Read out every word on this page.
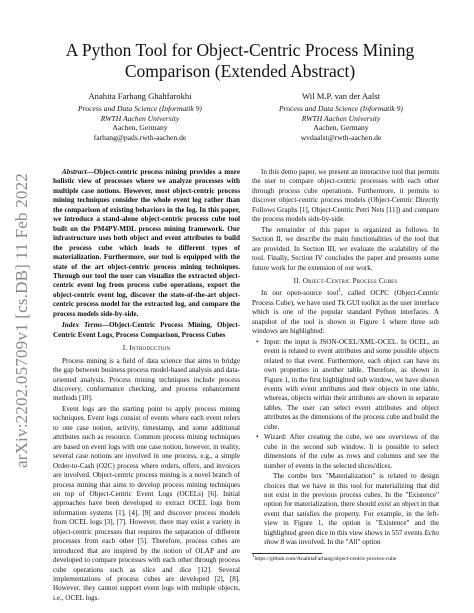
arXiv:2202.05709v1 [cs.DB] 11 Feb 2022
A Python Tool for Object-Centric Process Mining
Comparison (Extended Abstract)
Anahita Farhang Ghahfarokhi
Process and Data Science (Informatik 9)
RWTH Aachen University
Aachen, Germany
farhang@pads.rwth-aachen.de
Wil M.P. van der Aalst
Process and Data Science (Informatik 9)
RWTH Aachen University
Aachen, Germany
wvdaalst@rwth-aachen.de

Abstract—Object-centric process mining provides a more holistic view of processes where we analyze processes with multiple case notions. However, most object-centric process mining techniques consider the whole event log rather than the comparison of existing behaviors in the log. In this paper, we introduce a stand-alone object-centric process cube tool built on the PM4PY-MDL process mining framework. Our infrastructure uses both object and event attributes to build the process cube which leads to different types of materialization. Furthermore, our tool is equipped with the state of the art object-centric process mining techniques. Through our tool the user can visualize the extracted object-centric event log from process cube operations, export the object-centric event log, discover the state-of-the-art object-centric process model for the extracted log, and compare the process models side-by-side.

Index Terms—Object-Centric Process Mining, Object-Centric Event Logs, Process Comparison, Process Cubes

I. Introduction

Process mining is a field of data science that aims to bridge the gap between business process model-based analysis and data-oriented analysis. Process mining techniques include process discovery, conformance checking, and process enhancement methods [10].

Event logs are the starting point to apply process mining techniques. Event logs consist of events where each event refers to one case notion, activity, timestamp, and some additional attributes such as resource. Common process mining techniques are based on event logs with one case notion, however, in reality, several case notions are involved in one process, e.g., a simple Order-to-Cash (O2C) process where orders, offers, and invoices are involved. Object-centric process mining is a novel branch of process mining that aims to develop process mining techniques on top of Object-Centric Event Logs (OCELs) [6]. Initial approaches have been developed to extract OCEL logs from information systems [1], [4], [9] and discover process models from OCEL logs [3], [7]. However, there may exist a variety in object-centric processes that requires the separation of different processes from each other [5]. Therefore, process cubes are introduced that are inspired by the notion of OLAP and are developed to compare processes with each other through process cube operations such as slice and dice [12]. Several implementations of process cubes are developed [2], [8]. However, they cannot support event logs with multiple objects, i.e., OCEL logs.

In this demo paper, we present an interactive tool that permits the user to compare object-centric processes with each other through process cube operations. Furthermore, it permits to discover object-centric process models (Object-Centric Directly Follows Graphs [1], Object-Centric Petri Nets [11]) and compare the process models side-by-side.

The remainder of this paper is organized as follows. In Section II, we describe the main functionalities of the tool that are provided. In Section III, we evaluate the scalability of the tool. Finally, Section IV concludes the paper and presents some future work for the extension of our work.

II. Object-Centric Process Cubes

In our open-source tool$^1$, called OCPC (Object-Centric Process Cube), we have used Tk GUI toolkit as the user interface which is one of the popular standard Python interfaces. A snapshot of the tool is shown in Figure 1 where three sub windows are highlighted:

• Input: the input is JSON-OCEL/XML-OCEL. In OCEL, an event is related to event attributes and some possible objects related to that event. Furthermore, each object can have its own properties in another table. Therefore, as shown in Figure 1, in the first highlighted sub window, we have shown events with event attributes and their objects in one table, whereas, objects within their attributes are shown in separate tables. The user can select event attributes and object attributes as the dimensions of the process cube and build the cube.
• Wizard: After creating the cube, we see overviews of the cube in the second sub window. It is possible to select dimensions of the cube as rows and columns and see the number of events in the selected slices/dices.

The combo box "Materialization" is related to design choices that we have in this tool for materializing that did not exist in the previous process cubes. In the "Existence" option for materialization, there should exist an object in that event that satisfies the property. For example, in the left-view in Figure 1, the option is "Existence" and the highlighted green dice in this view shows in 557 events Echo show 8 was involved. In the "All" option

1https://github.com/AnahitaFarhang/object-centric-process-cube
